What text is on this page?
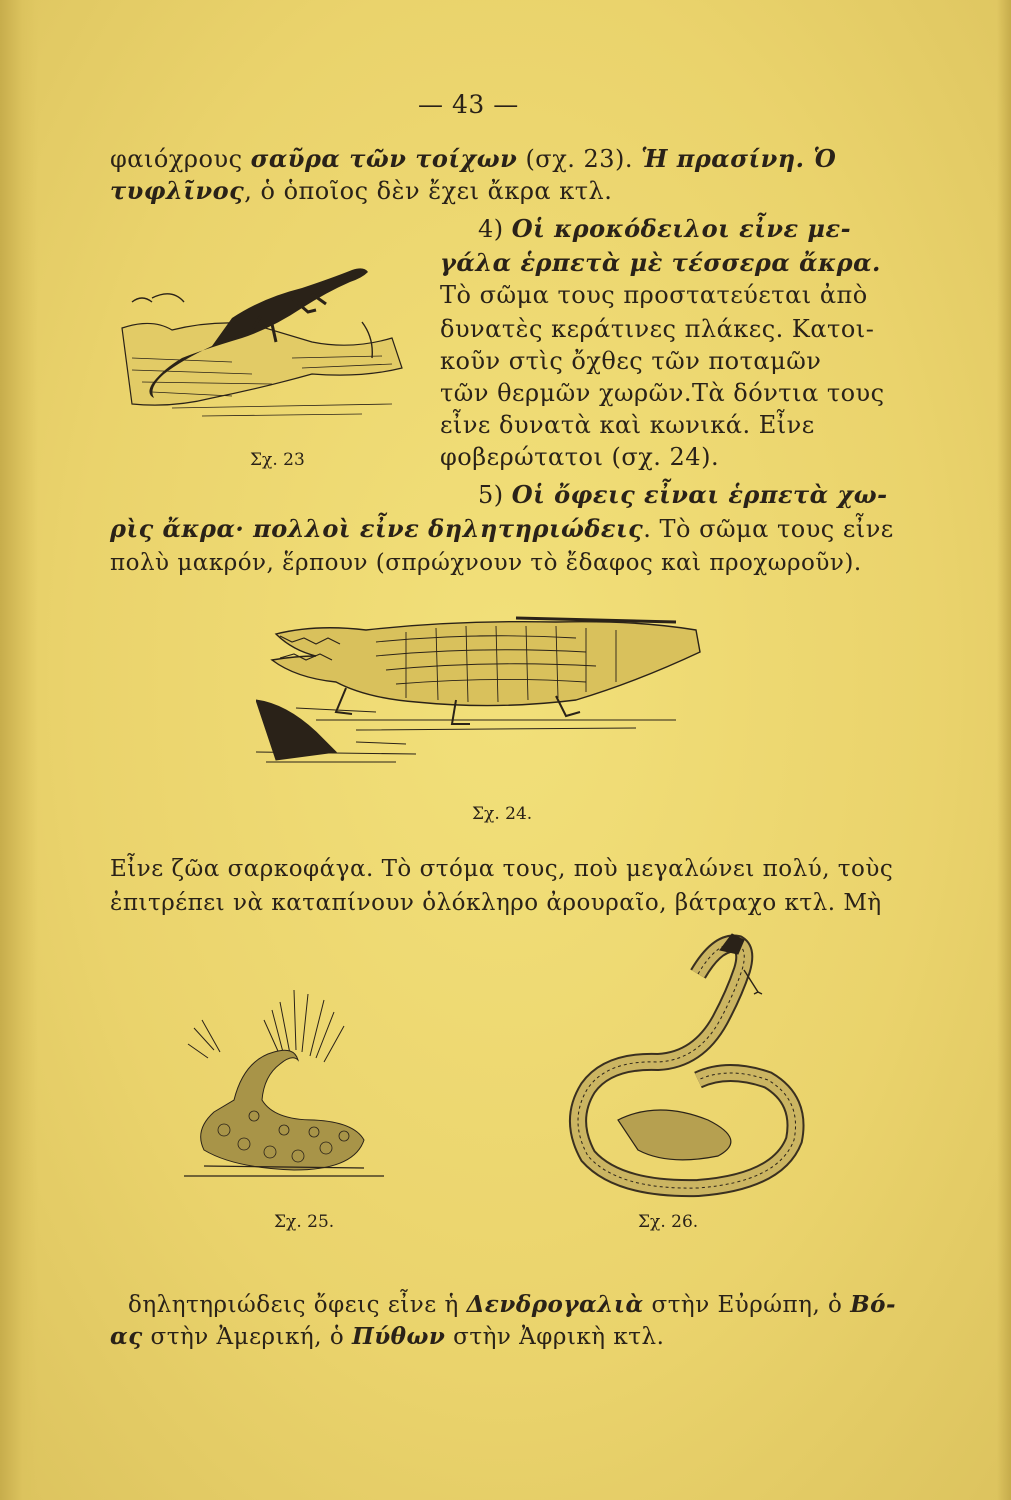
— 43 —
φαιόχρους σαῦρα τῶν τοίχων (σχ. 23). Ἡ πρασίνη. Ὁ
τυφλῖνος, ὁ ὁποῖος δὲν ἔχει ἄκρα κτλ.
4) Οἱ κροκόδειλοι εἶνε με-
γάλα ἑρπετὰ μὲ τέσσερα ἄκρα.
Τὸ σῶμα τους προστατεύεται ἀπὸ
δυνατὲς κεράτινες πλάκες. Κατοι-
κοῦν στὶς ὄχθες τῶν ποταμῶν
τῶν θερμῶν χωρῶν.Τὰ δόντια τους
εἶνε δυνατὰ καὶ κωνικά. Εἶνε
φοβερώτατοι (σχ. 24).
5) Οἱ ὄφεις εἶναι ἑρπετὰ χω-
ρὶς ἄκρα· πολλοὶ εἶνε δηλητηριώδεις. Τὸ σῶμα τους εἶνε
πολὺ μακρόν, ἕρπουν (σπρώχνουν τὸ ἔδαφος καὶ προχωροῦν).
Εἶνε ζῶα σαρκοφάγα. Τὸ στόμα τους, ποὺ μεγαλώνει πολύ, τοὺς
ἐπιτρέπει νὰ καταπίνουν ὁλόκληρο ἀρουραῖο, βάτραχο κτλ. Μὴ
δηλητηριώδεις ὄφεις εἶνε ἡ Δενδρογαλιὰ στὴν Εὐρώπη, ὁ Βό-
ας στὴν Ἀμερική, ὁ Πύθων στὴν Ἀφρικὴ κτλ.
Σχ. 23
Σχ. 24.
Σχ. 25.	Σχ. 26.
